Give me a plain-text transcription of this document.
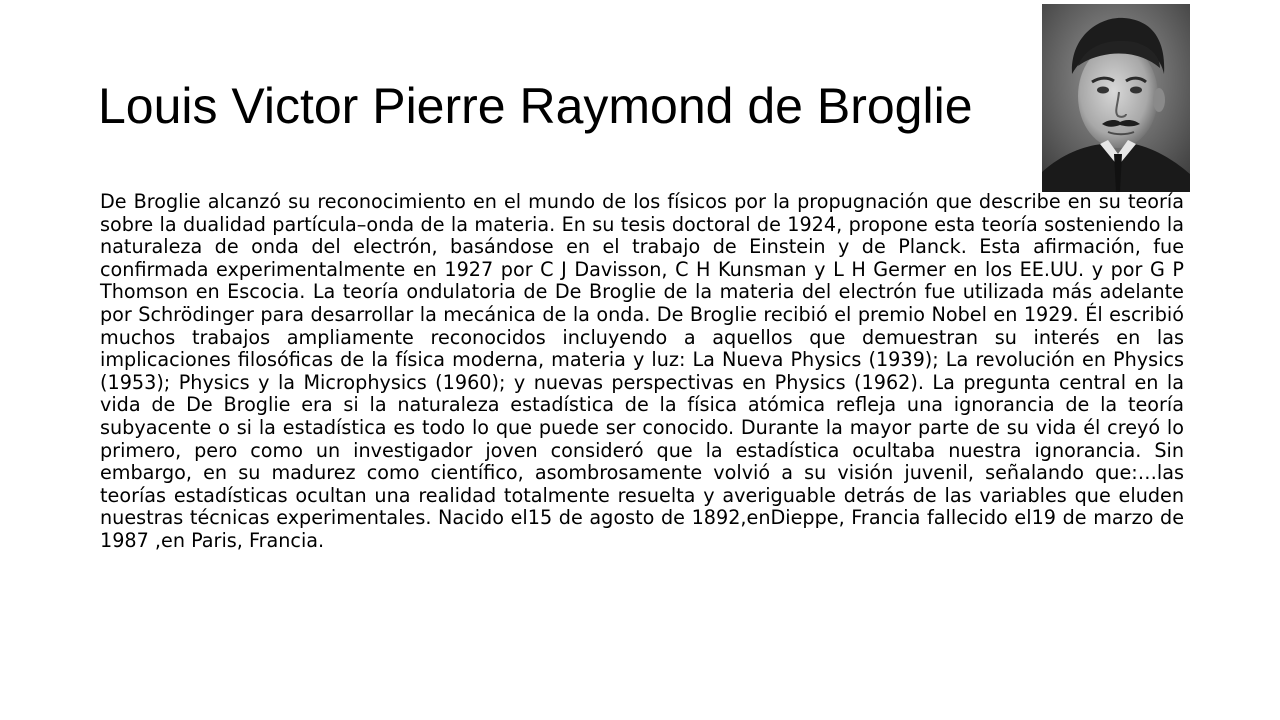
Louis Victor Pierre Raymond de Broglie

De Broglie alcanzó su reconocimiento en el mundo de los físicos por la propugnación que describe en su teoría sobre la dualidad partícula–onda de la materia. En su tesis doctoral de 1924, propone esta teoría sosteniendo la naturaleza de onda del electrón, basándose en el trabajo de Einstein y de Planck. Esta afirmación, fue confirmada experimentalmente en 1927 por C J Davisson, C H Kunsman y L H Germer en los EE.UU. y por G P Thomson en Escocia. La teoría ondulatoria de De Broglie de la materia del electrón fue utilizada más adelante por Schrödinger para desarrollar la mecánica de la onda. De Broglie recibió el premio Nobel en 1929. Él escribió muchos trabajos ampliamente reconocidos incluyendo a aquellos que demuestran su interés en las implicaciones filosóficas de la física moderna, materia y luz: La Nueva Physics (1939); La revolución en Physics (1953); Physics y la Microphysics (1960); y nuevas perspectivas en Physics (1962). La pregunta central en la vida de De Broglie era si la naturaleza estadística de la física atómica refleja una ignorancia de la teoría subyacente o si la estadística es todo lo que puede ser conocido. Durante la mayor parte de su vida él creyó lo primero, pero como un investigador joven consideró que la estadística ocultaba nuestra ignorancia. Sin embargo, en su madurez como científico, asombrosamente volvió a su visión juvenil, señalando que:…las teorías estadísticas ocultan una realidad totalmente resuelta y averiguable detrás de las variables que eluden nuestras técnicas experimentales. Nacido el15 de agosto de 1892,enDieppe, Francia fallecido el19 de marzo de 1987 ,en Paris, Francia.
